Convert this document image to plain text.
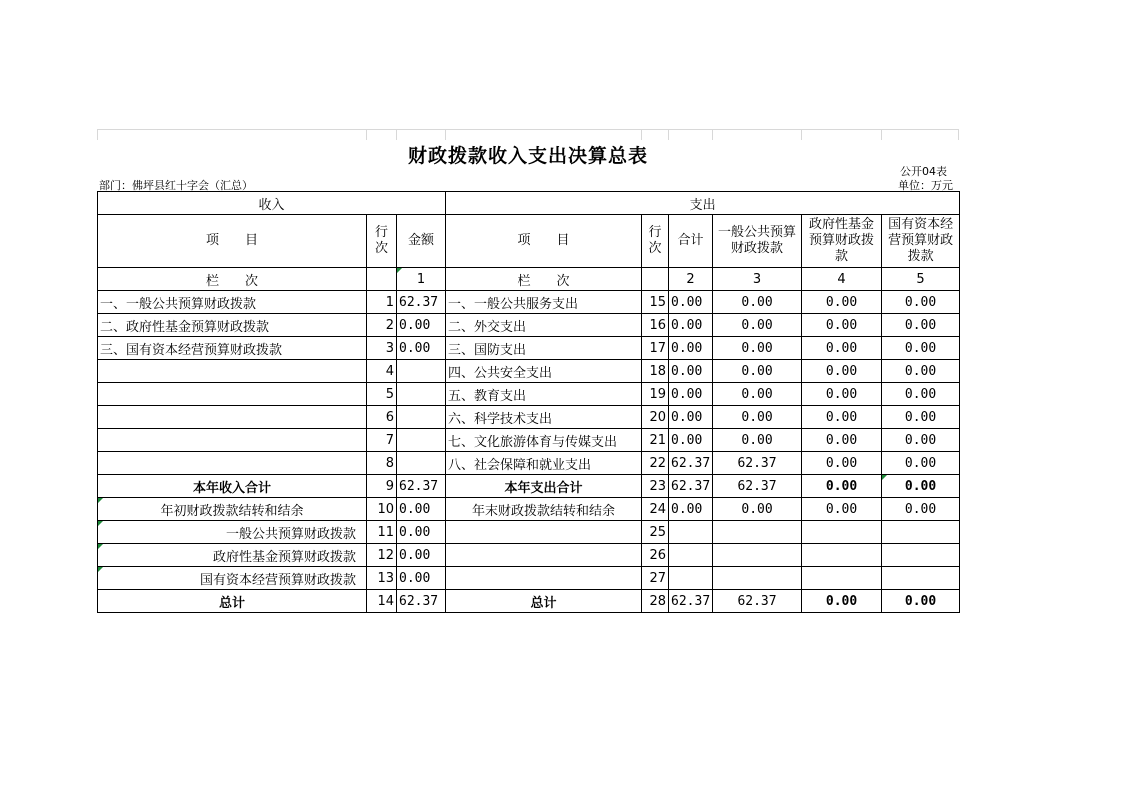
财政拨款收入支出决算总表
公开04表
部门：佛坪县红十字会（汇总）	单位：万元
收入			支出					
项　　目	行次	金额	项　　目	行次	合计	一般公共预算财政拨款	政府性基金预算财政拨款	国有资本经营预算财政拨款
栏　　次		1	栏　　次		2	3	4	5
一、一般公共预算财政拨款	1	62.37	一、一般公共服务支出	15	0.00	0.00	0.00	0.00
二、政府性基金预算财政拨款	2	0.00	二、外交支出	16	0.00	0.00	0.00	0.00
三、国有资本经营预算财政拨款	3	0.00	三、国防支出	17	0.00	0.00	0.00	0.00
	4		四、公共安全支出	18	0.00	0.00	0.00	0.00
	5		五、教育支出	19	0.00	0.00	0.00	0.00
	6		六、科学技术支出	20	0.00	0.00	0.00	0.00
	7		七、文化旅游体育与传媒支出	21	0.00	0.00	0.00	0.00
	8		八、社会保障和就业支出	22	62.37	62.37	0.00	0.00
本年收入合计	9	62.37	本年支出合计	23	62.37	62.37	0.00	0.00
年初财政拨款结转和结余	10	0.00	年末财政拨款结转和结余	24	0.00	0.00	0.00	0.00
一般公共预算财政拨款	11	0.00		25				
政府性基金预算财政拨款	12	0.00		26				
国有资本经营预算财政拨款	13	0.00		27				
总计	14	62.37	总计	28	62.37	62.37	0.00	0.00
